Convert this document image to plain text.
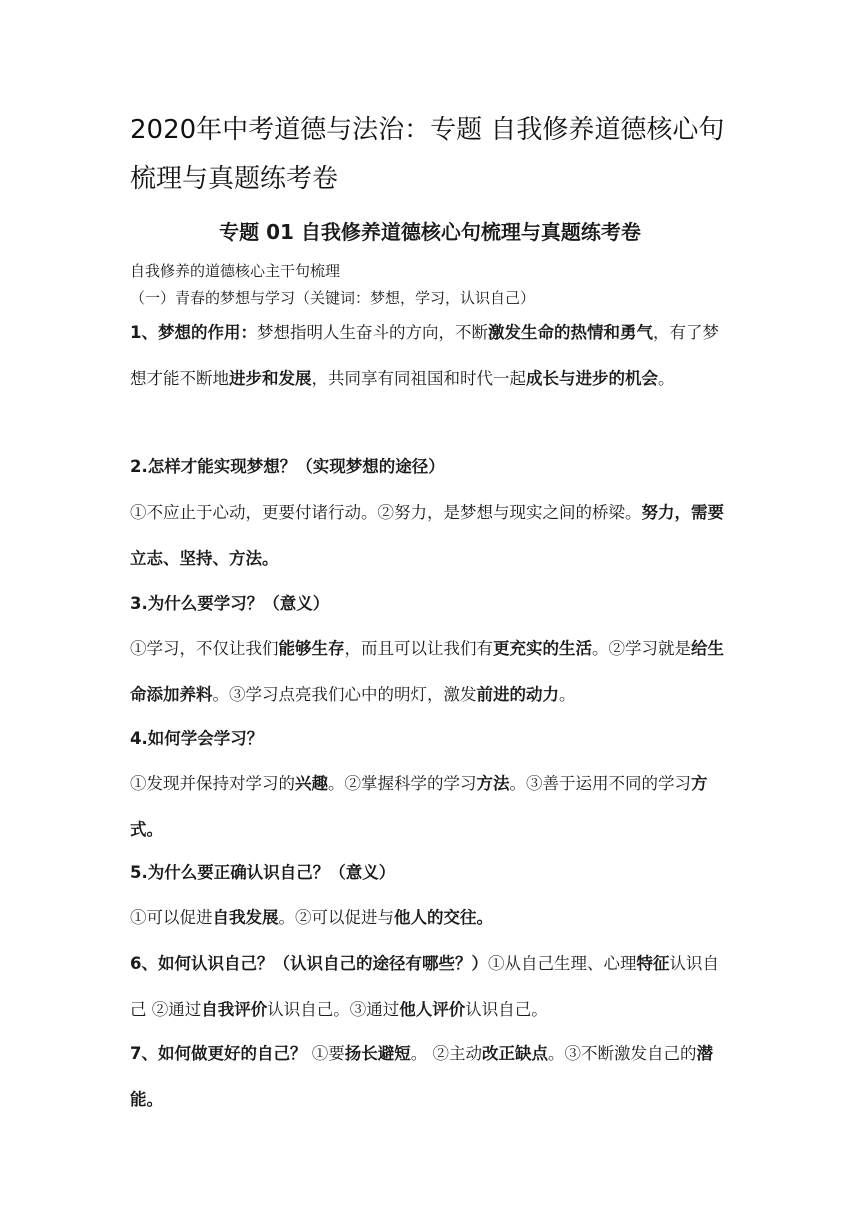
2020年中考道德与法治：专题 自我修养道德核心句梳理与真题练考卷
专题 01 自我修养道德核心句梳理与真题练考卷
自我修养的道德核心主干句梳理
（一）青春的梦想与学习（关键词：梦想，学习，认识自己）

1、梦想的作用：梦想指明人生奋斗的方向，不断激发生命的热情和勇气，有了梦想才能不断地进步和发展，共同享有同祖国和时代一起成长与进步的机会。

2.怎样才能实现梦想？（实现梦想的途径）

①不应止于心动，更要付诸行动。②努力，是梦想与现实之间的桥梁。努力，需要立志、坚持、方法。

3.为什么要学习？（意义）

①学习，不仅让我们能够生存，而且可以让我们有更充实的生活。②学习就是给生命添加养料。③学习点亮我们心中的明灯，激发前进的动力。

4.如何学会学习？

①发现并保持对学习的兴趣。②掌握科学的学习方法。③善于运用不同的学习方式。

5.为什么要正确认识自己？（意义）

①可以促进自我发展。②可以促进与他人的交往。

6、如何认识自己？（认识自己的途径有哪些？）①从自己生理、心理特征认识自己 ②通过自我评价认识自己。③通过他人评价认识自己。

7、如何做更好的自己？ ①要扬长避短。 ②主动改正缺点。③不断激发自己的潜能。
